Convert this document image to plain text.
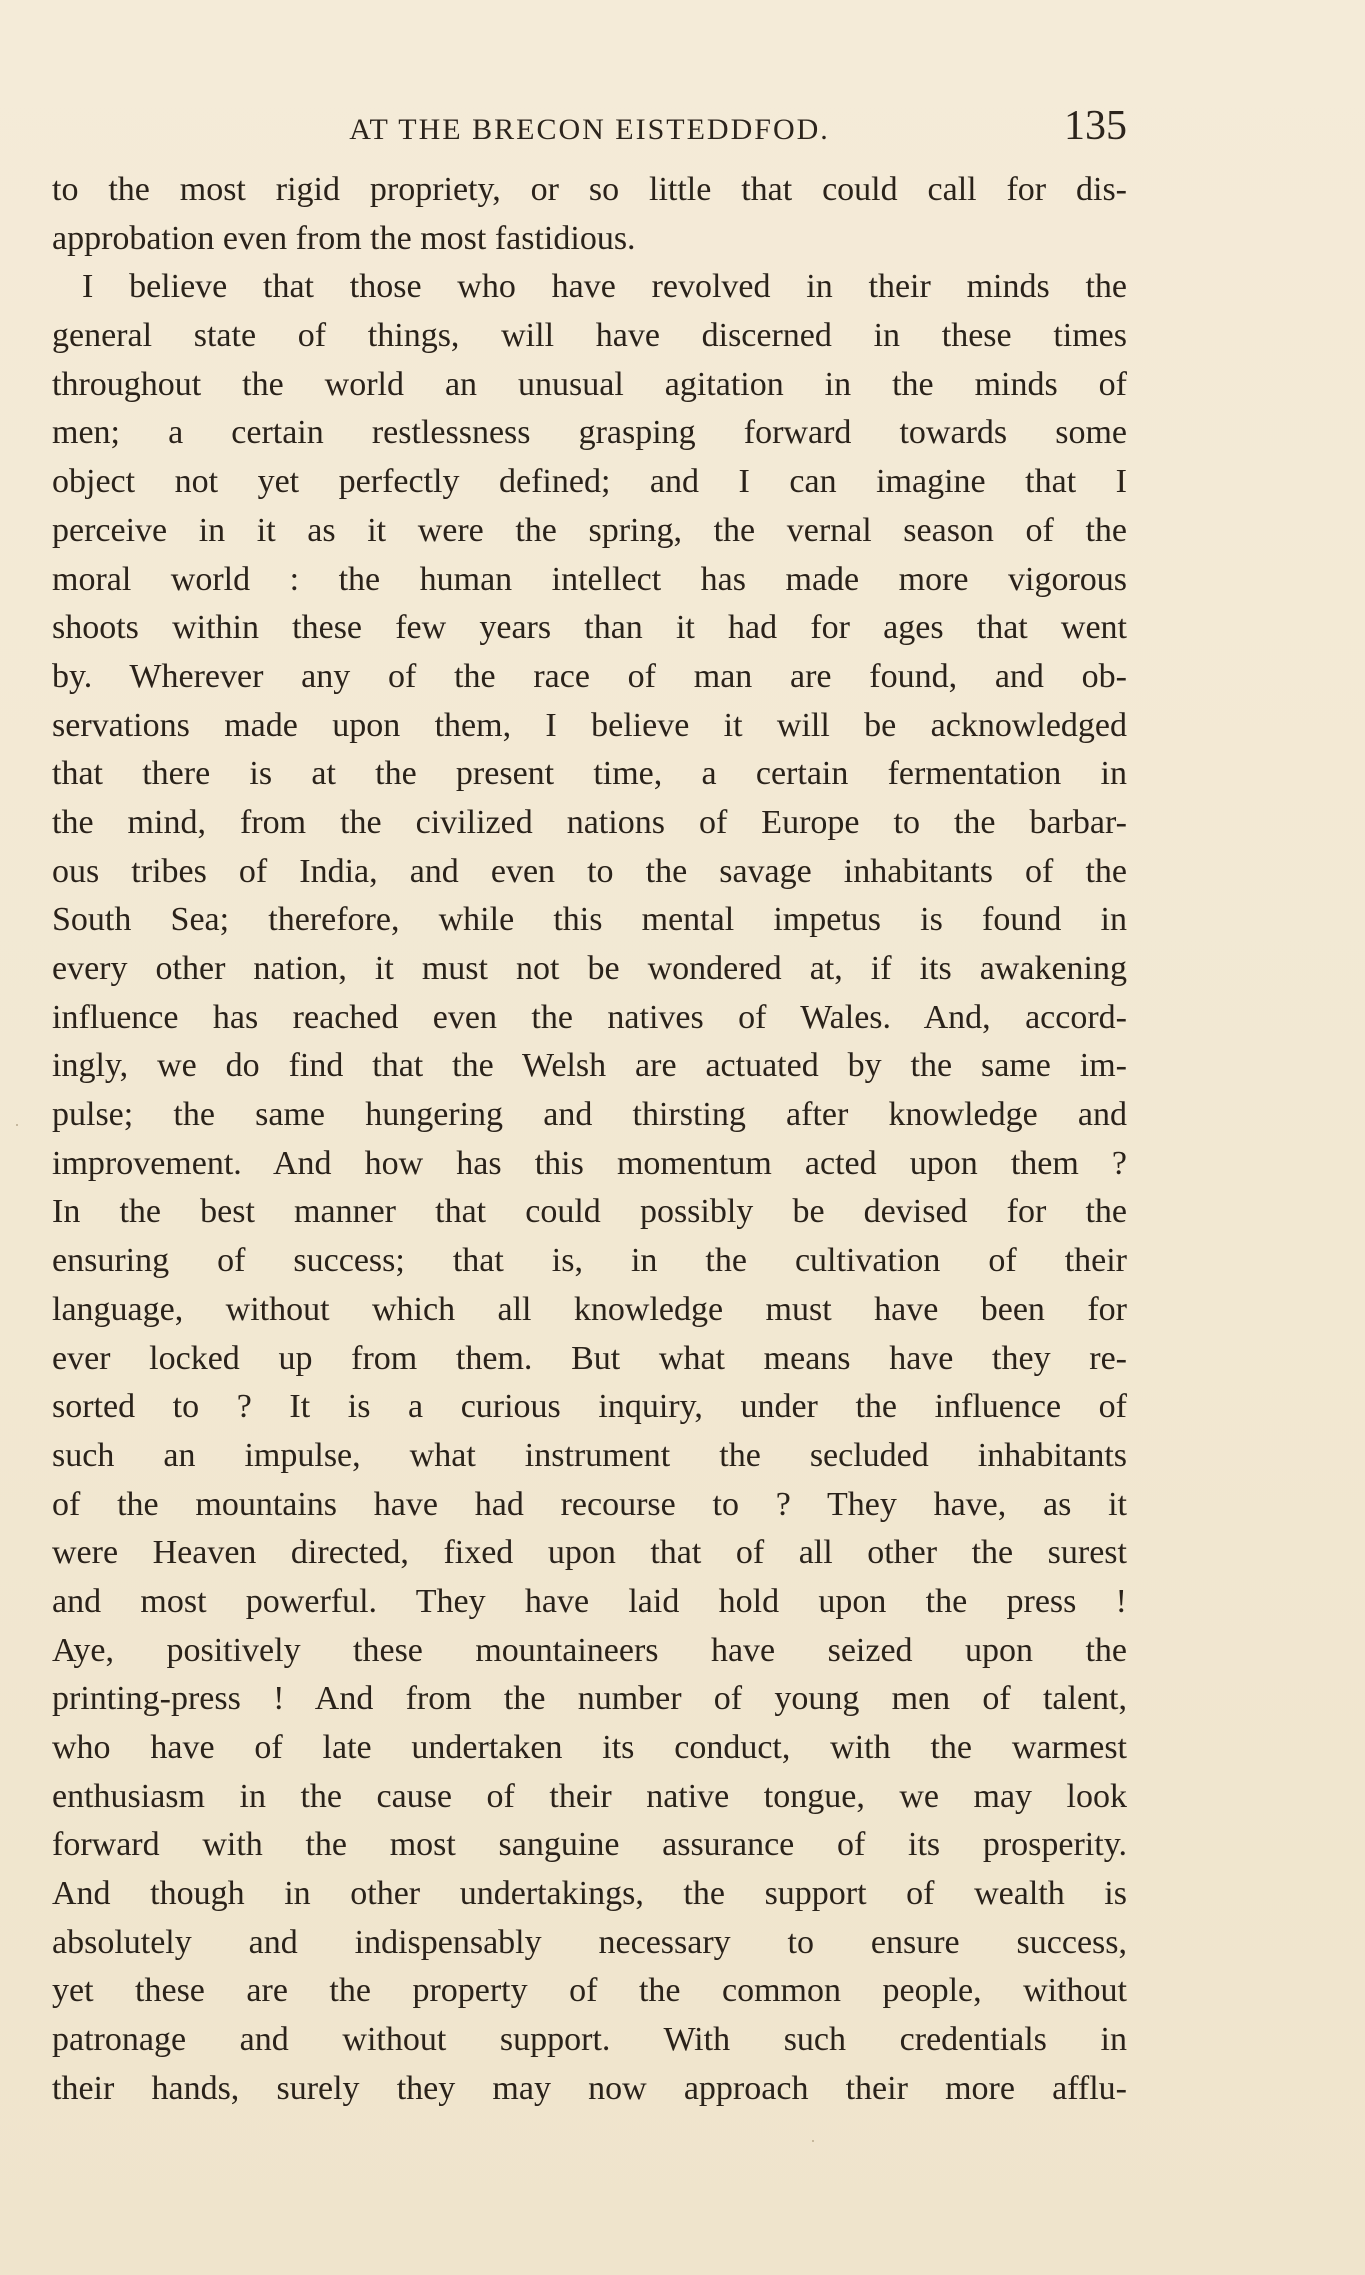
AT THE BRECON EISTEDDFOD.	135
to the most rigid propriety, or so little that could call for dis-
approbation even from the most fastidious.
I believe that those who have revolved in their minds the
general state of things, will have discerned in these times
throughout the world an unusual agitation in the minds of
men; a certain restlessness grasping forward towards some
object not yet perfectly defined; and I can imagine that I
perceive in it as it were the spring, the vernal season of the
moral world : the human intellect has made more vigorous
shoots within these few years than it had for ages that went
by. Wherever any of the race of man are found, and ob-
servations made upon them, I believe it will be acknowledged
that there is at the present time, a certain fermentation in
the mind, from the civilized nations of Europe to the barbar-
ous tribes of India, and even to the savage inhabitants of the
South Sea; therefore, while this mental impetus is found in
every other nation, it must not be wondered at, if its awakening
influence has reached even the natives of Wales. And, accord-
ingly, we do find that the Welsh are actuated by the same im-
pulse; the same hungering and thirsting after knowledge and
improvement. And how has this momentum acted upon them ?
In the best manner that could possibly be devised for the
ensuring of success; that is, in the cultivation of their
language, without which all knowledge must have been for
ever locked up from them. But what means have they re-
sorted to ? It is a curious inquiry, under the influence of
such an impulse, what instrument the secluded inhabitants
of the mountains have had recourse to ? They have, as it
were Heaven directed, fixed upon that of all other the surest
and most powerful. They have laid hold upon the press !
Aye, positively these mountaineers have seized upon the
printing-press ! And from the number of young men of talent,
who have of late undertaken its conduct, with the warmest
enthusiasm in the cause of their native tongue, we may look
forward with the most sanguine assurance of its prosperity.
And though in other undertakings, the support of wealth is
absolutely and indispensably necessary to ensure success,
yet these are the property of the common people, without
patronage and without support. With such credentials in
their hands, surely they may now approach their more afflu-
